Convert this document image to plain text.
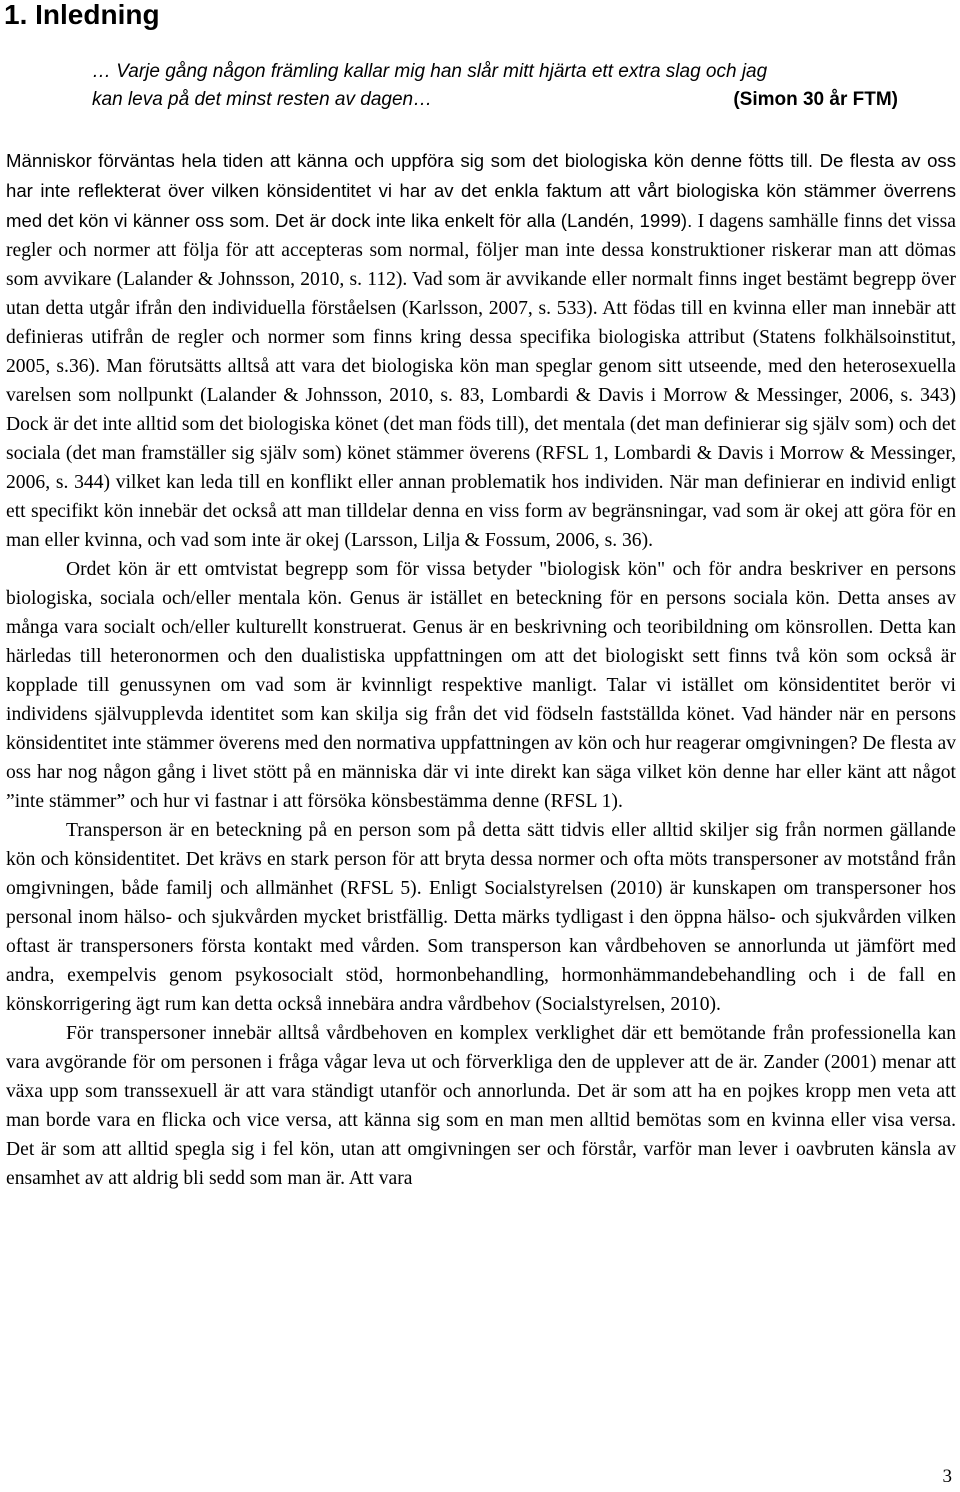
1. Inledning
… Varje gång någon främling kallar mig han slår mitt hjärta ett extra slag och jag
kan leva på det minst resten av dagen…	(Simon 30 år FTM)

Människor förväntas hela tiden att känna och uppföra sig som det biologiska kön denne fötts till. De flesta av oss har inte reflekterat över vilken könsidentitet vi har av det enkla faktum att vårt biologiska kön stämmer överrens med det kön vi känner oss som. Det är dock inte lika enkelt för alla (Landén, 1999). I dagens samhälle finns det vissa regler och normer att följa för att accepteras som normal, följer man inte dessa konstruktioner riskerar man att dömas som avvikare (Lalander & Johnsson, 2010, s. 112). Vad som är avvikande eller normalt finns inget bestämt begrepp över utan detta utgår ifrån den individuella förståelsen (Karlsson, 2007, s. 533). Att födas till en kvinna eller man innebär att definieras utifrån de regler och normer som finns kring dessa specifika biologiska attribut (Statens folkhälsoinstitut, 2005, s.36). Man förutsätts alltså att vara det biologiska kön man speglar genom sitt utseende, med den heterosexuella varelsen som nollpunkt (Lalander & Johnsson, 2010, s. 83, Lombardi & Davis i Morrow & Messinger, 2006, s. 343) Dock är det inte alltid som det biologiska könet (det man föds till), det mentala (det man definierar sig själv som) och det sociala (det man framställer sig själv som) könet stämmer överens (RFSL 1, Lombardi & Davis i Morrow & Messinger, 2006, s. 344) vilket kan leda till en konflikt eller annan problematik hos individen. När man definierar en individ enligt ett specifikt kön innebär det också att man tilldelar denna en viss form av begränsningar, vad som är okej att göra för en man eller kvinna, och vad som inte är okej (Larsson, Lilja & Fossum, 2006, s. 36).

Ordet kön är ett omtvistat begrepp som för vissa betyder "biologisk kön" och för andra beskriver en persons biologiska, sociala och/eller mentala kön. Genus är istället en beteckning för en persons sociala kön. Detta anses av många vara socialt och/eller kulturellt konstruerat. Genus är en beskrivning och teoribildning om könsrollen. Detta kan härledas till heteronormen och den dualistiska uppfattningen om att det biologiskt sett finns två kön som också är kopplade till genussynen om vad som är kvinnligt respektive manligt. Talar vi istället om könsidentitet berör vi individens självupplevda identitet som kan skilja sig från det vid födseln fastställda könet. Vad händer när en persons könsidentitet inte stämmer överens med den normativa uppfattningen av kön och hur reagerar omgivningen? De flesta av oss har nog någon gång i livet stött på en människa där vi inte direkt kan säga vilket kön denne har eller känt att något ”inte stämmer” och hur vi fastnar i att försöka könsbestämma denne (RFSL 1).

Transperson är en beteckning på en person som på detta sätt tidvis eller alltid skiljer sig från normen gällande kön och könsidentitet. Det krävs en stark person för att bryta dessa normer och ofta möts transpersoner av motstånd från omgivningen, både familj och allmänhet (RFSL 5). Enligt Socialstyrelsen (2010) är kunskapen om transpersoner hos personal inom hälso- och sjukvården mycket bristfällig. Detta märks tydligast i den öppna hälso- och sjukvården vilken oftast är transpersoners första kontakt med vården. Som transperson kan vårdbehoven se annorlunda ut jämfört med andra, exempelvis genom psykosocialt stöd, hormonbehandling, hormonhämmandebehandling och i de fall en könskorrigering ägt rum kan detta också innebära andra vårdbehov (Socialstyrelsen, 2010).

För transpersoner innebär alltså vårdbehoven en komplex verklighet där ett bemötande från professionella kan vara avgörande för om personen i fråga vågar leva ut och förverkliga den de upplever att de är. Zander (2001) menar att växa upp som transsexuell är att vara ständigt utanför och annorlunda. Det är som att ha en pojkes kropp men veta att man borde vara en flicka och vice versa, att känna sig som en man men alltid bemötas som en kvinna eller visa versa. Det är som att alltid spegla sig i fel kön, utan att omgivningen ser och förstår, varför man lever i oavbruten känsla av ensamhet av att aldrig bli sedd som man är. Att vara

3
